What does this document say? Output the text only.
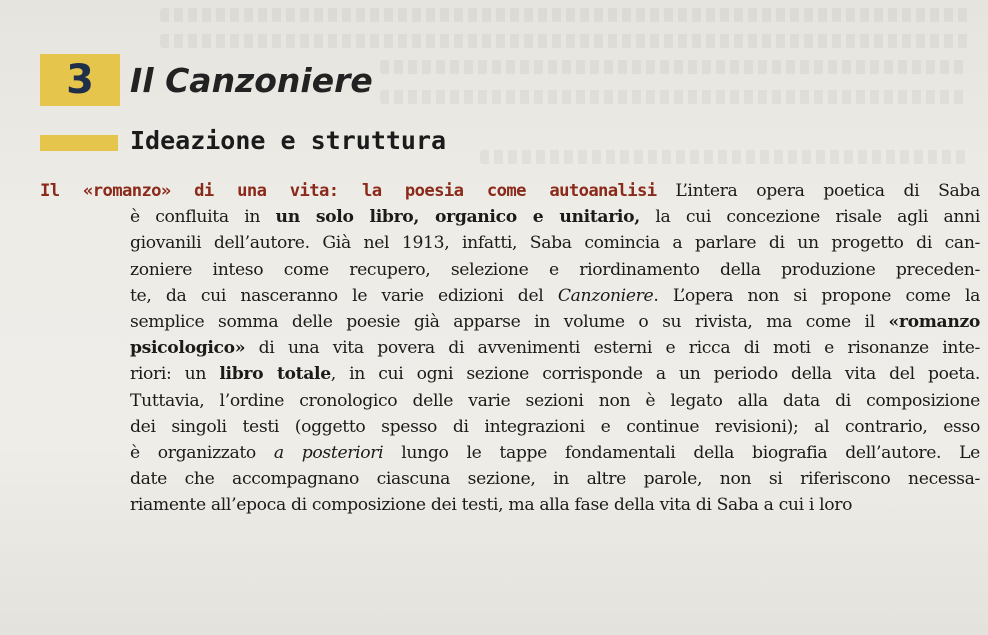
3	Il Canzoniere
Ideazione e struttura
Il «romanzo» di una vita: la poesia come autoanalisi L’intera opera poetica di Saba
è confluita in un solo libro, organico e unitario, la cui concezione risale agli anni
giovanili dell’autore. Già nel 1913, infatti, Saba comincia a parlare di un progetto di can-
zoniere inteso come recupero, selezione e riordinamento della produzione preceden-
te, da cui nasceranno le varie edizioni del Canzoniere. L’opera non si propone come la
semplice somma delle poesie già apparse in volume o su rivista, ma come il «romanzo
psicologico» di una vita povera di avvenimenti esterni e ricca di moti e risonanze inte-
riori: un libro totale, in cui ogni sezione corrisponde a un periodo della vita del poeta.
Tuttavia, l’ordine cronologico delle varie sezioni non è legato alla data di composizione
dei singoli testi (oggetto spesso di integrazioni e continue revisioni); al contrario, esso
è organizzato a posteriori lungo le tappe fondamentali della biografia dell’autore. Le
date che accompagnano ciascuna sezione, in altre parole, non si riferiscono necessa-
riamente all’epoca di composizione dei testi, ma alla fase della vita di Saba a cui i loro
